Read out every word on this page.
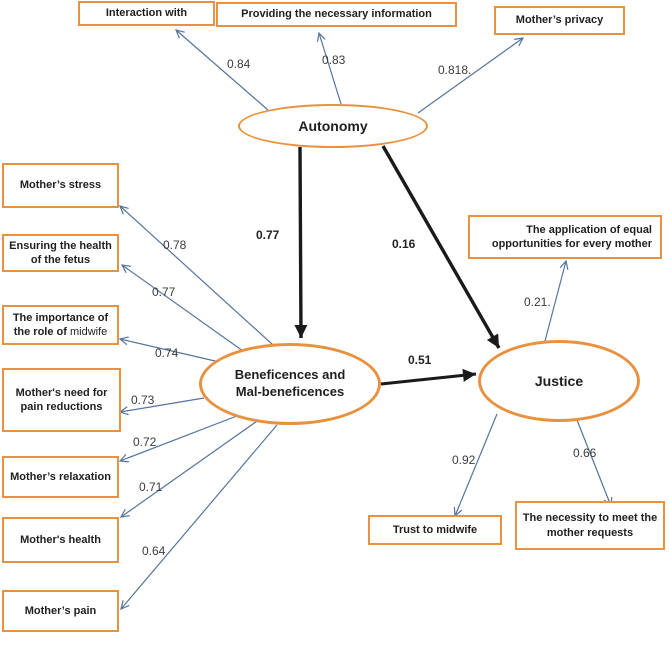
Interaction with	Providing the necessary information	Mother’s privacy
Mother’s stress
Ensuring the health of the fetus
The importance of the role of midwife
Mother's need for pain reductions
Mother’s relaxation
Mother's health
Mother’s pain
The application of equal opportunities for every mother
Trust to midwife
The necessity to meet the mother requests
Autonomy
Beneficences and
Mal-beneficences
Justice
0.84	0.83
0.818.
0.77
0.16
0.51
0.78
0.77
0.74
0.73
0.72
0.71
0.64
0.21.
0.92	0.66
